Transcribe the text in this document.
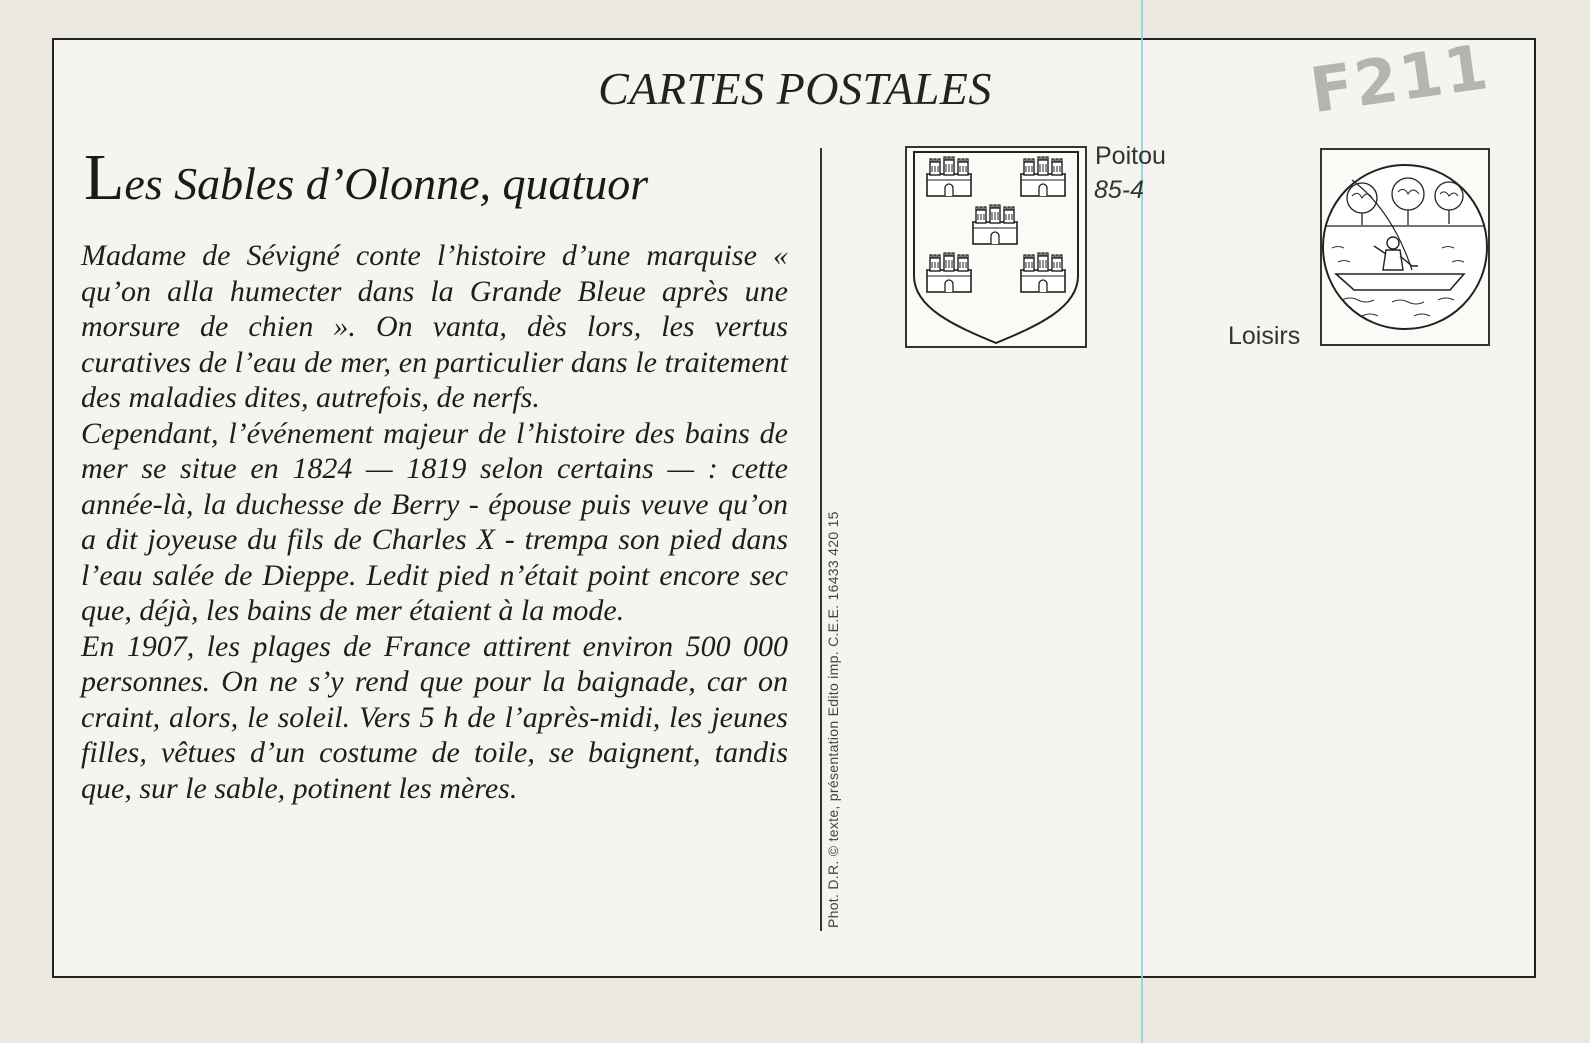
CARTES POSTALES	F211
Les Sables d’Olonne, quatuor

Madame de Sévigné conte l’histoire d’une marquise « qu’on alla humecter dans la Grande Bleue après une morsure de chien ». On vanta, dès lors, les vertus curatives de l’eau de mer, en particulier dans le traitement des maladies dites, autrefois, de nerfs.

Cependant, l’événement majeur de l’histoire des bains de mer se situe en 1824 — 1819 selon certains — : cette année-là, la duchesse de Berry - épouse puis veuve qu’on a dit joyeuse du fils de Charles X - trempa son pied dans l’eau salée de Dieppe. Ledit pied n’était point encore sec que, déjà, les bains de mer étaient à la mode.

En 1907, les plages de France attirent environ 500 000 personnes. On ne s’y rend que pour la baignade, car on craint, alors, le soleil. Vers 5 h de l’après-midi, les jeunes filles, vêtues d’un costume de toile, se baignent, tandis que, sur le sable, potinent les mères.	Phot. D.R. © texte, présentation Edito imp. C.E.E. 16433 420 15
Poitou
85-4
Loisirs
